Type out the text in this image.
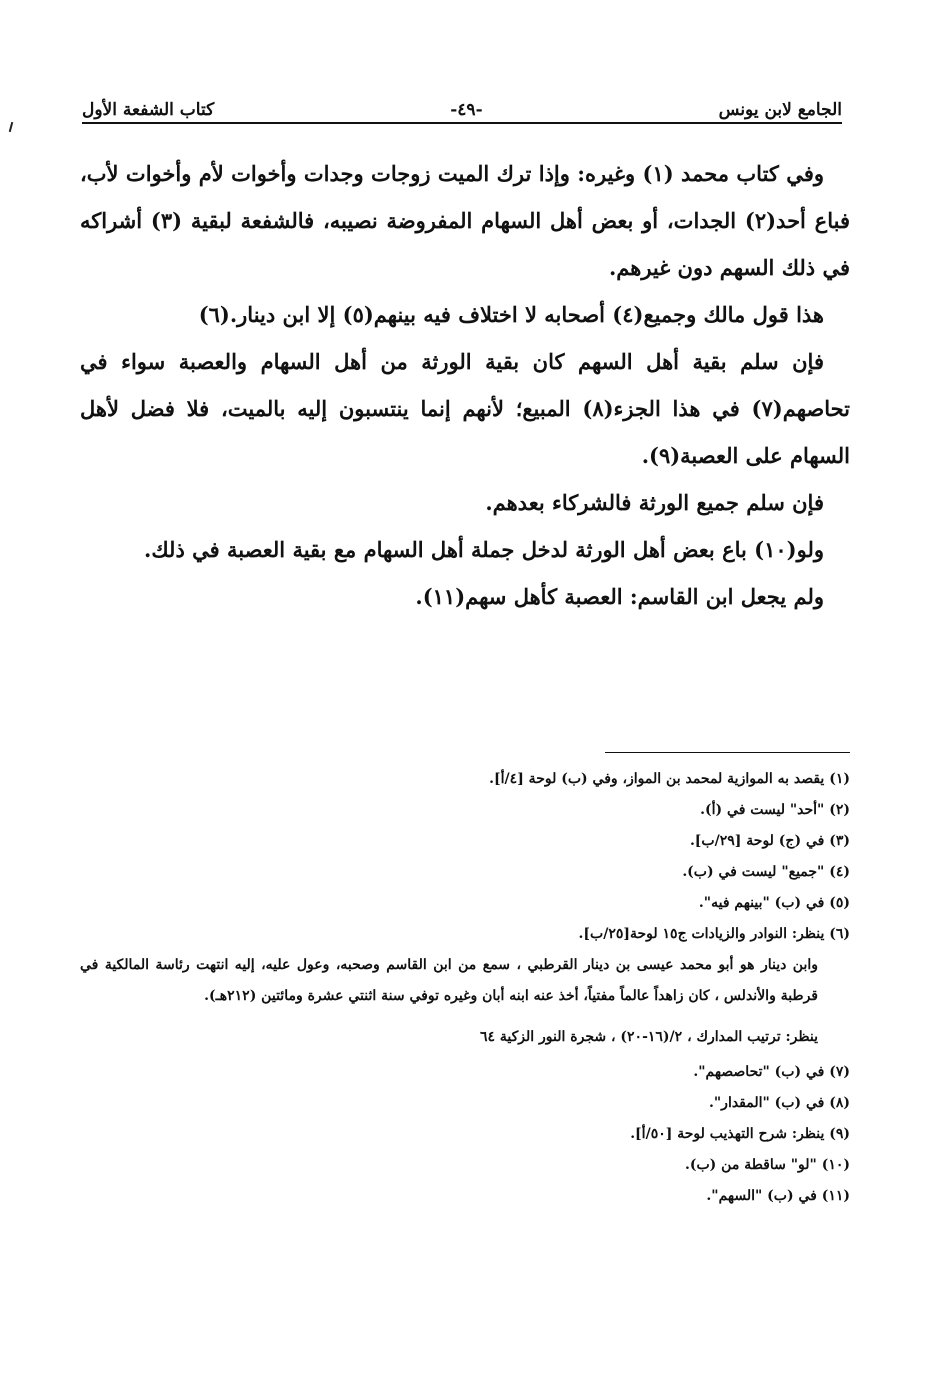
الجامع لابن يونس
-٤٩-
كتاب الشفعة الأول

وفي كتاب محمد (١) وغيره: وإذا ترك الميت زوجات وجدات وأخوات لأم وأخوات لأب، فباع أحد(٢) الجدات، أو بعض أهل السهام المفروضة نصيبه، فالشفعة لبقية (٣) أشراكه في ذلك السهم دون غيرهم.

هذا قول مالك وجميع(٤) أصحابه لا اختلاف فيه بينهم(٥) إلا ابن دينار.(٦)

فإن سلم بقية أهل السهم كان بقية الورثة من أهل السهام والعصبة سواء في تحاصهم(٧) في هذا الجزء(٨) المبيع؛ لأنهم إنما ينتسبون إليه بالميت، فلا فضل لأهل السهام على العصبة(٩).

فإن سلم جميع الورثة فالشركاء بعدهم.

ولو(١٠) باع بعض أهل الورثة لدخل جملة أهل السهام مع بقية العصبة في ذلك.

ولم يجعل ابن القاسم: العصبة كأهل سهم(١١).

(١) يقصد به الموازية لمحمد بن المواز، وفي (ب) لوحة [٤/أ].

(٢) "أحد" ليست في (أ).

(٣) في (ج) لوحة [٢٩/ب].

(٤) "جميع" ليست في (ب).

(٥) في (ب) "بينهم فيه".

(٦) ينظر: النوادر والزيادات ج١٥ لوحة[٢٥/ب].

وابن دينار هو أبو محمد عيسى بن دينار القرطبي ، سمع من ابن القاسم وصحبه، وعول عليه، إليه انتهت رئاسة المالكية في قرطبة والأندلس ، كان زاهداً عالماً مفتياً، أخذ عنه ابنه أبان وغيره توفي سنة اثنتي عشرة ومائتين (٢١٢هـ).

ينظر: ترتيب المدارك ، ٢/(١٦-٢٠) ، شجرة النور الزكية ٦٤

(٧) في (ب) "تحاصصهم".

(٨) في (ب) "المقدار".

(٩) ينظر: شرح التهذيب لوحة [٥٠/أ].

(١٠) "لو" ساقطة من (ب).

(١١) في (ب) "السهم".
